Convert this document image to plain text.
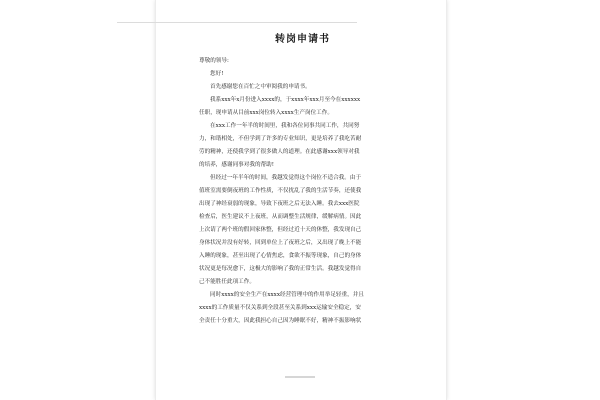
转岗申请书
尊敬的领导:
您好!
首先感谢您在百忙之中审阅我的申请书。
我系xxx年x月份进入xxxx的，于xxxx年xxx月至今在xxxxxx
任职，现申请从目前xxx岗位转入xxxx生产岗位工作。
在xxx工作一年半的时间里，我和各位同事共同工作，共同努
力，和谐相处，不但学到了许多的专业知识，更是培养了我吃苦耐
劳的精神，还使我学到了很多做人的道理。在此感谢xxx领导对我
的培养，感谢同事对我的帮助!
但经过一年半年的时间，我越发觉得这个岗位不适合我。由于
值班室需要倒夜班的工作性质，不仅扰乱了我的生活节奏，还使我
出现了神经衰弱的现象，导致下夜班之后无法入睡。我去xxx医院
检查后，医生建议不上夜班，从而调整生活规律，缓解病情。因此
上次请了两个班的假回家休整，但经过近十天的休整，我发现自己
身体状况并没有好转，回到单位上了夜班之后，又出现了晚上不能
入睡的现象，甚至出现了心情焦虑，食欲不振等现象，自己的身体
状况更是每况愈下，这极大的影响了我的正常生活。我越发觉得自
己不能胜任此项工作。
同时xxxx的安全生产在xxxx经营管理中的作用举足轻重，并且
xxxx的工作质量不仅关系到全段甚至关系到xxx运输安全稳定，安
全责任十分重大，因此我担心自己因为睡眠不好，精神不振影响状
